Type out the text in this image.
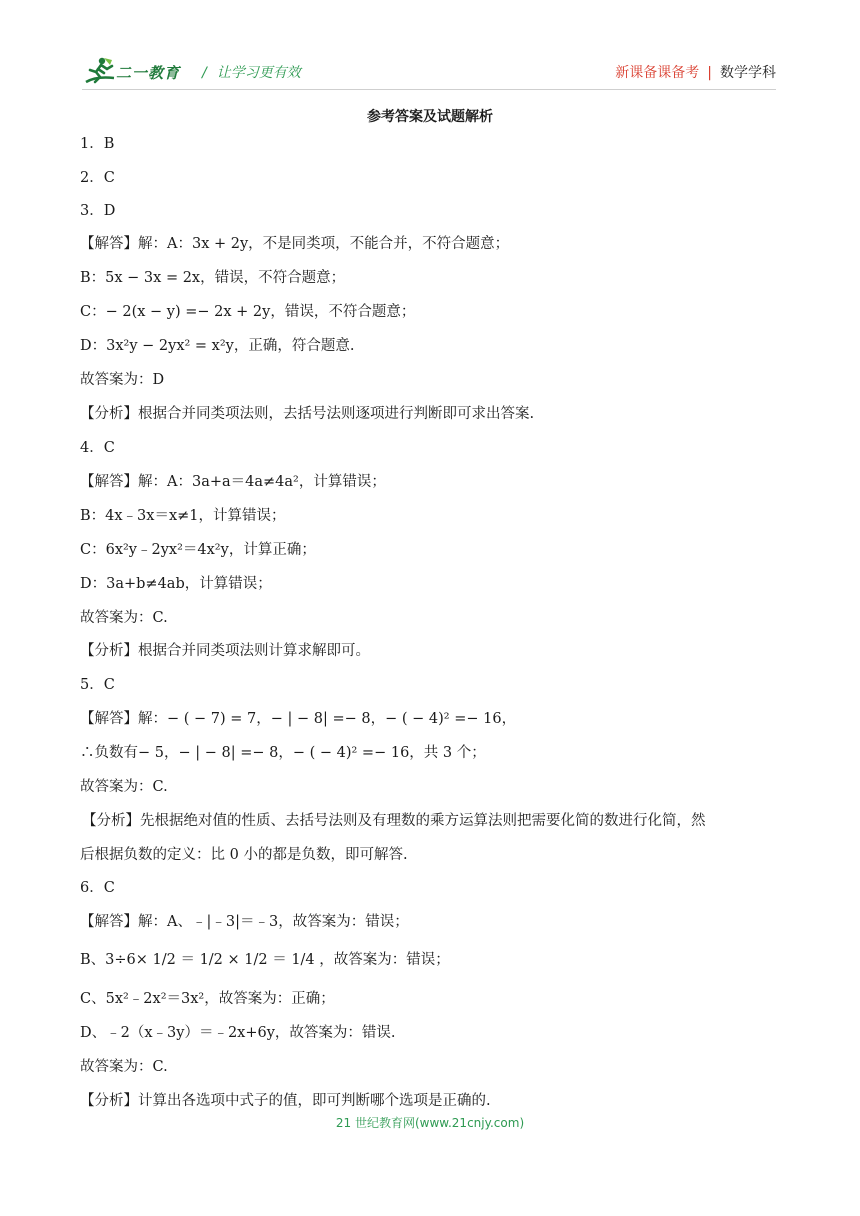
二一教育 / 让学习更有效	新课备课备考 | 数学学科
参考答案及试题解析
1．B
2．C
3．D
【解答】解：A：3x + 2y，不是同类项，不能合并，不符合题意；
B：5x − 3x = 2x，错误，不符合题意；
C：− 2(x − y) =− 2x + 2y，错误，不符合题意；
D：3x²y − 2yx² = x²y，正确，符合题意.
故答案为：D
【分析】根据合并同类项法则，去括号法则逐项进行判断即可求出答案.
4．C
【解答】解：A：3a+a＝4a≠4a²，计算错误；
B：4x﹣3x＝x≠1，计算错误；
C：6x²y﹣2yx²＝4x²y，计算正确；
D：3a+b≠4ab，计算错误；
故答案为：C.
【分析】根据合并同类项法则计算求解即可。
5．C
【解答】解：− ( − 7) = 7，− | − 8| =− 8，− ( − 4)² =− 16，
∴负数有− 5，− | − 8| =− 8，− ( − 4)² =− 16，共 3 个；
故答案为：C.
【分析】先根据绝对值的性质、去括号法则及有理数的乘方运算法则把需要化简的数进行化简，然
后根据负数的定义：比 0 小的都是负数，即可解答.
6．C
【解答】解：A、﹣|﹣3|＝﹣3，故答案为：错误；
B、3÷6× 1/2 ＝ 1/2 × 1/2 ＝ 1/4 ，故答案为：错误；
C、5x²﹣2x²＝3x²，故答案为：正确；
D、﹣2（x﹣3y）＝﹣2x+6y，故答案为：错误.
故答案为：C.
【分析】计算出各选项中式子的值，即可判断哪个选项是正确的.
21 世纪教育网(www.21cnjy.com)
